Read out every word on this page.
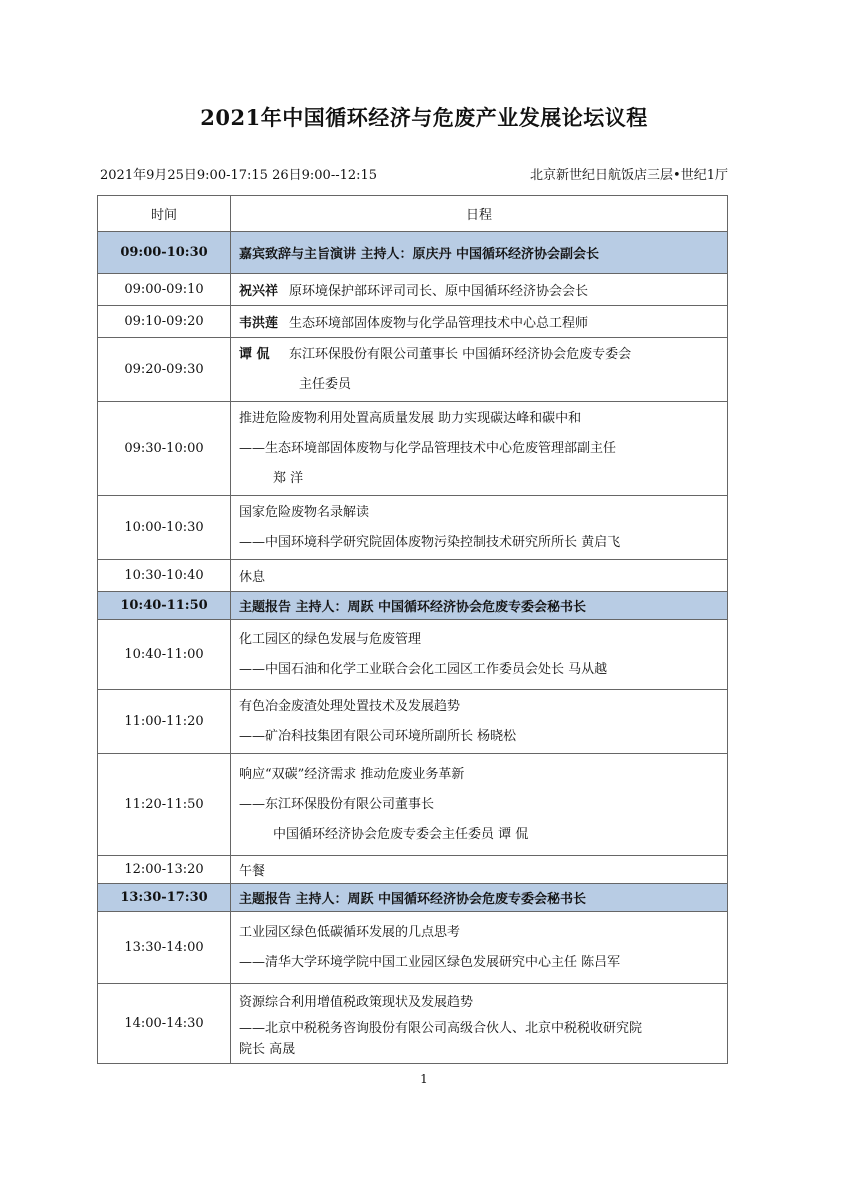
2021年中国循环经济与危废产业发展论坛议程
2021年9月25日9:00-17:15 26日9:00--12:15	北京新世纪日航饭店三层•世纪1厅
时间	日程
09:00-10:30	嘉宾致辞与主旨演讲 主持人：原庆丹 中国循环经济协会副会长
09:00-09:10	祝兴祥 原环境保护部环评司司长、原中国循环经济协会会长
09:10-09:20	韦洪莲 生态环境部固体废物与化学品管理技术中心总工程师
09:20-09:30	谭 侃 东江环保股份有限公司董事长 中国循环经济协会危废专委会
主任委员

09:30-10:00	推进危险废物利用处置高质量发展 助力实现碳达峰和碳中和
——生态环境部固体废物与化学品管理技术中心危废管理部副主任
郑 洋

10:00-10:30	国家危险废物名录解读
——中国环境科学研究院固体废物污染控制技术研究所所长 黄启飞

10:30-10:40	休息
10:40-11:50	主题报告 主持人：周跃 中国循环经济协会危废专委会秘书长
10:40-11:00	化工园区的绿色发展与危废管理
——中国石油和化学工业联合会化工园区工作委员会处长 马从越

11:00-11:20	有色冶金废渣处理处置技术及发展趋势
——矿冶科技集团有限公司环境所副所长 杨晓松

11:20-11:50	响应“双碳”经济需求 推动危废业务革新
——东江环保股份有限公司董事长
中国循环经济协会危废专委会主任委员 谭 侃

12:00-13:20	午餐
13:30-17:30	主题报告 主持人：周跃 中国循环经济协会危废专委会秘书长
13:30-14:00	工业园区绿色低碳循环发展的几点思考
——清华大学环境学院中国工业园区绿色发展研究中心主任 陈吕军

14:00-14:30	资源综合利用增值税政策现状及发展趋势
——北京中税税务咨询股份有限公司高级合伙人、北京中税税收研究院
院长 高晟
1
